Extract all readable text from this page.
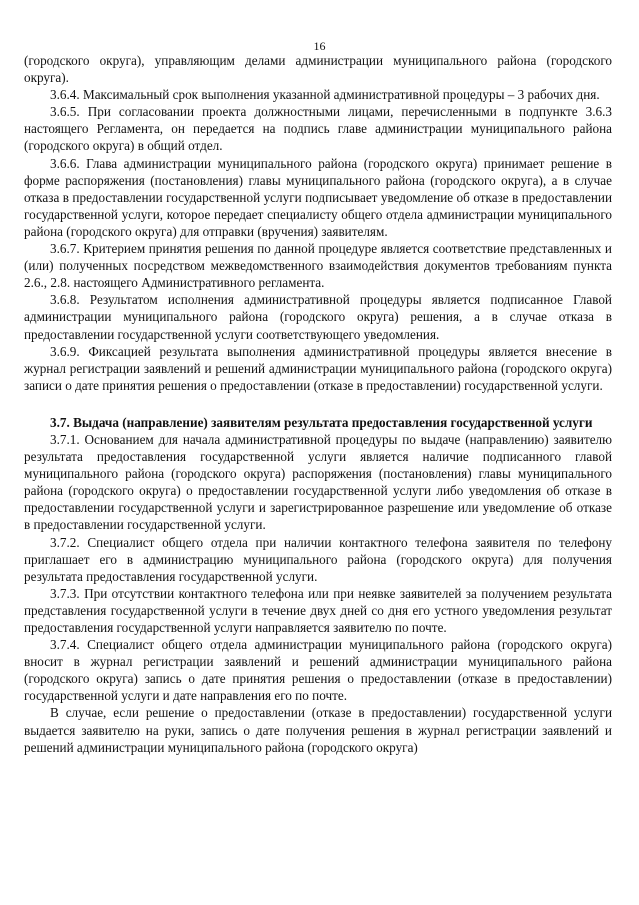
16

(городского округа), управляющим делами администрации муниципального района (городского округа).

3.6.4. Максимальный срок выполнения указанной административной процедуры – 3 рабочих дня.

3.6.5. При согласовании проекта должностными лицами, перечисленными в подпункте 3.6.3 настоящего Регламента, он передается на подпись главе администрации муниципального района (городского округа) в общий отдел.

3.6.6. Глава администрации муниципального района (городского округа) принимает решение в форме распоряжения (постановления) главы муниципального района (городского округа), а в случае отказа в предоставлении государственной услуги подписывает уведомление об отказе в предоставлении государственной услуги, которое передает специалисту общего отдела администрации муниципального района (городского округа) для отправки (вручения) заявителям.

3.6.7. Критерием принятия решения по данной процедуре является соответствие представленных и (или) полученных посредством межведомственного взаимодействия документов требованиям пункта 2.6., 2.8. настоящего Административного регламента.

3.6.8. Результатом исполнения административной процедуры является подписанное Главой администрации муниципального района (городского округа) решения, а в случае отказа в предоставлении государственной услуги соответствующего уведомления.

3.6.9. Фиксацией результата выполнения административной процедуры является внесение в журнал регистрации заявлений и решений администрации муниципального района (городского округа) записи о дате принятия решения о предоставлении (отказе в предоставлении) государственной услуги.

3.7. Выдача (направление) заявителям результата предоставления государственной услуги

3.7.1. Основанием для начала административной процедуры по выдаче (направлению) заявителю результата предоставления государственной услуги является наличие подписанного главой муниципального района (городского округа) распоряжения (постановления) главы муниципального района (городского округа) о предоставлении государственной услуги либо уведомления об отказе в предоставлении государственной услуги и зарегистрированное разрешение или уведомление об отказе в предоставлении государственной услуги.

3.7.2. Специалист общего отдела при наличии контактного телефона заявителя по телефону приглашает его в администрацию муниципального района (городского округа) для получения результата предоставления государственной услуги.

3.7.3. При отсутствии контактного телефона или при неявке заявителей за получением результата представления государственной услуги в течение двух дней со дня его устного уведомления результат предоставления государственной услуги направляется заявителю по почте.

3.7.4. Специалист общего отдела администрации муниципального района (городского округа) вносит в журнал регистрации заявлений и решений администрации муниципального района (городского округа) запись о дате принятия решения о предоставлении (отказе в предоставлении) государственной услуги и дате направления его по почте.

В случае, если решение о предоставлении (отказе в предоставлении) государственной услуги выдается заявителю на руки, запись о дате получения решения в журнал регистрации заявлений и решений администрации муниципального района (городского округа)
